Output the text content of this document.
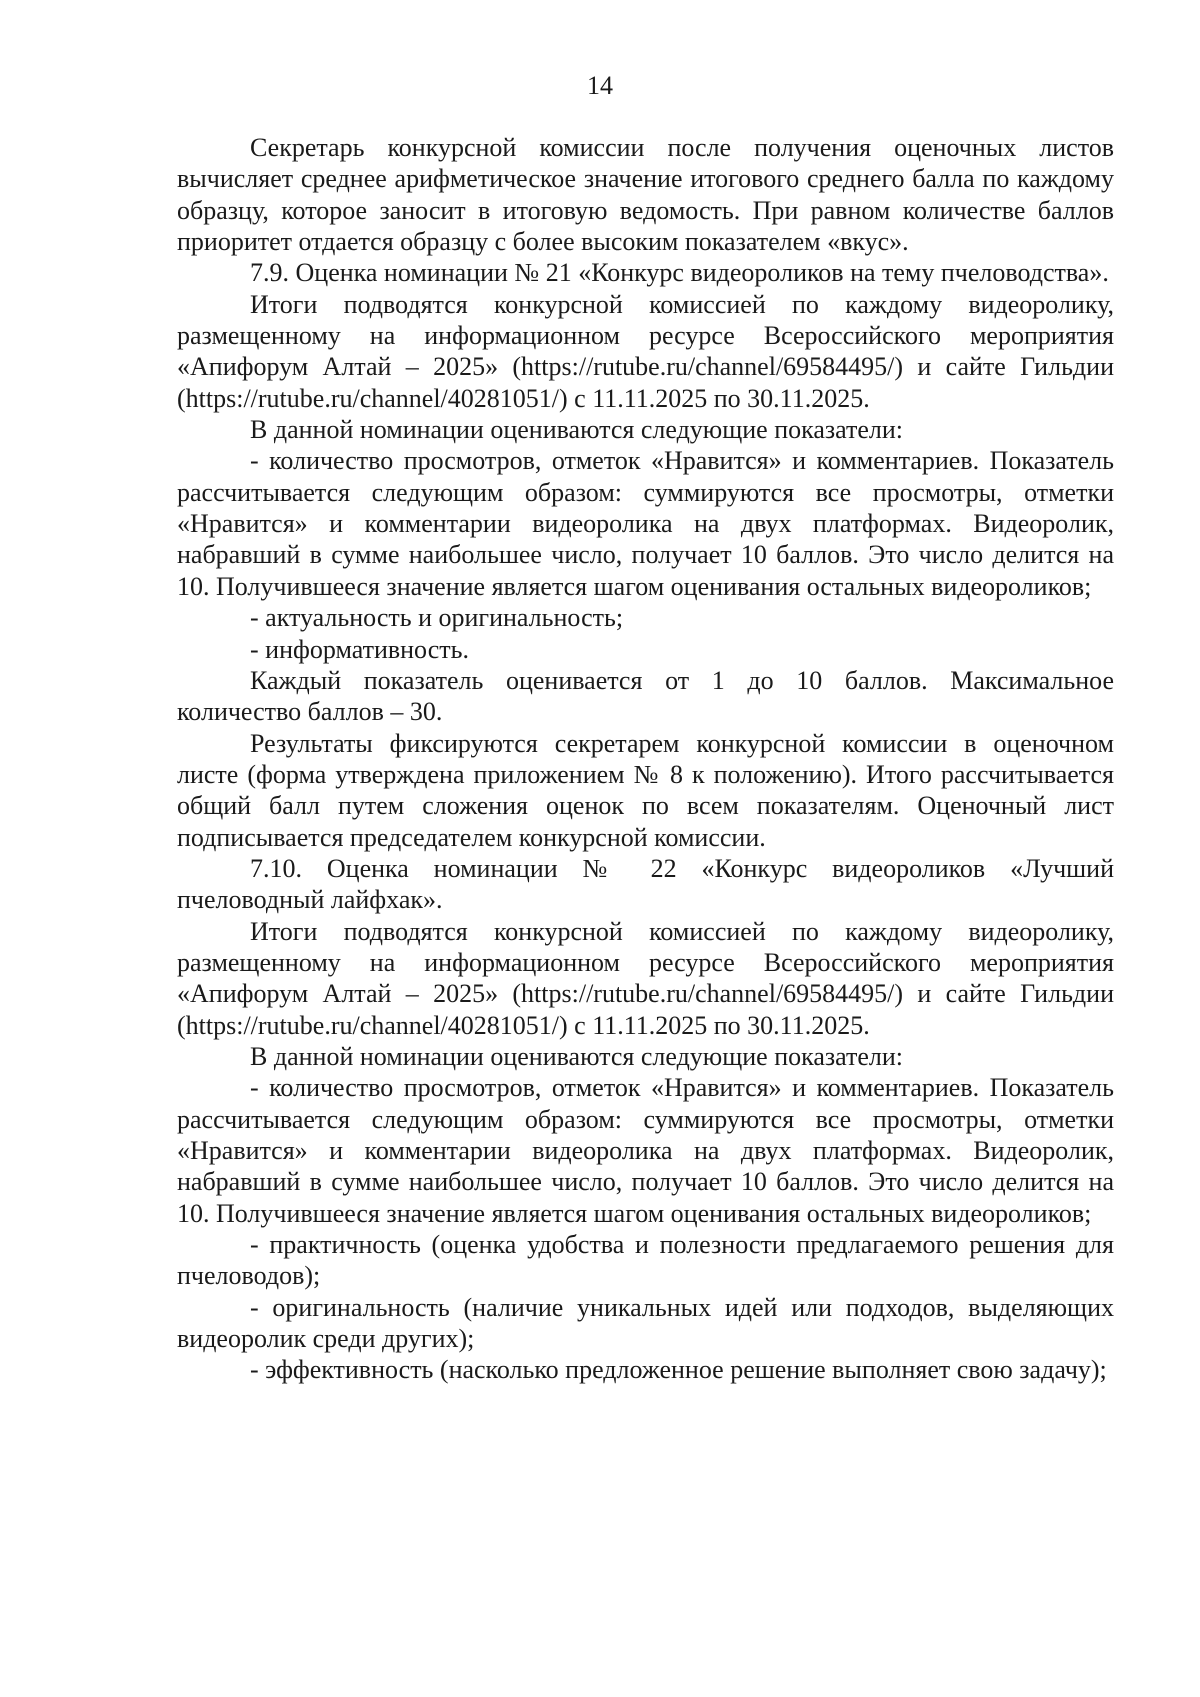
14

Секретарь конкурсной комиссии после получения оценочных листов вычисляет среднее арифметическое значение итогового среднего балла по каждому образцу, которое заносит в итоговую ведомость. При равном количестве баллов приоритет отдается образцу с более высоким показателем «вкус».

7.9. Оценка номинации № 21 «Конкурс видеороликов на тему пчеловодства».

Итоги подводятся конкурсной комиссией по каждому видеоролику, размещенному на информационном ресурсе Всероссийского мероприятия «Апифорум Алтай – 2025» (https://rutube.ru/channel/69584495/) и сайте Гильдии (https://rutube.ru/channel/40281051/) с 11.11.2025 по 30.11.2025.

В данной номинации оцениваются следующие показатели:

- количество просмотров, отметок «Нравится» и комментариев. Показатель рассчитывается следующим образом: суммируются все просмотры, отметки «Нравится» и комментарии видеоролика на двух платформах. Видеоролик, набравший в сумме наибольшее число, получает 10 баллов. Это число делится на 10. Получившееся значение является шагом оценивания остальных видеороликов;

- актуальность и оригинальность;

- информативность.

Каждый показатель оценивается от 1 до 10 баллов. Максимальное количество баллов – 30.

Результаты фиксируются секретарем конкурсной комиссии в оценочном листе (форма утверждена приложением № 8 к положению). Итого рассчитывается общий балл путем сложения оценок по всем показателям. Оценочный лист подписывается председателем конкурсной комиссии.

7.10. Оценка номинации № 22 «Конкурс видеороликов «Лучший пчеловодный лайфхак».

Итоги подводятся конкурсной комиссией по каждому видеоролику, размещенному на информационном ресурсе Всероссийского мероприятия «Апифорум Алтай – 2025» (https://rutube.ru/channel/69584495/) и сайте Гильдии (https://rutube.ru/channel/40281051/) с 11.11.2025 по 30.11.2025.

В данной номинации оцениваются следующие показатели:

- количество просмотров, отметок «Нравится» и комментариев. Показатель рассчитывается следующим образом: суммируются все просмотры, отметки «Нравится» и комментарии видеоролика на двух платформах. Видеоролик, набравший в сумме наибольшее число, получает 10 баллов. Это число делится на 10. Получившееся значение является шагом оценивания остальных видеороликов;

- практичность (оценка удобства и полезности предлагаемого решения для пчеловодов);

- оригинальность (наличие уникальных идей или подходов, выделяющих видеоролик среди других);

- эффективность (насколько предложенное решение выполняет свою задачу);
